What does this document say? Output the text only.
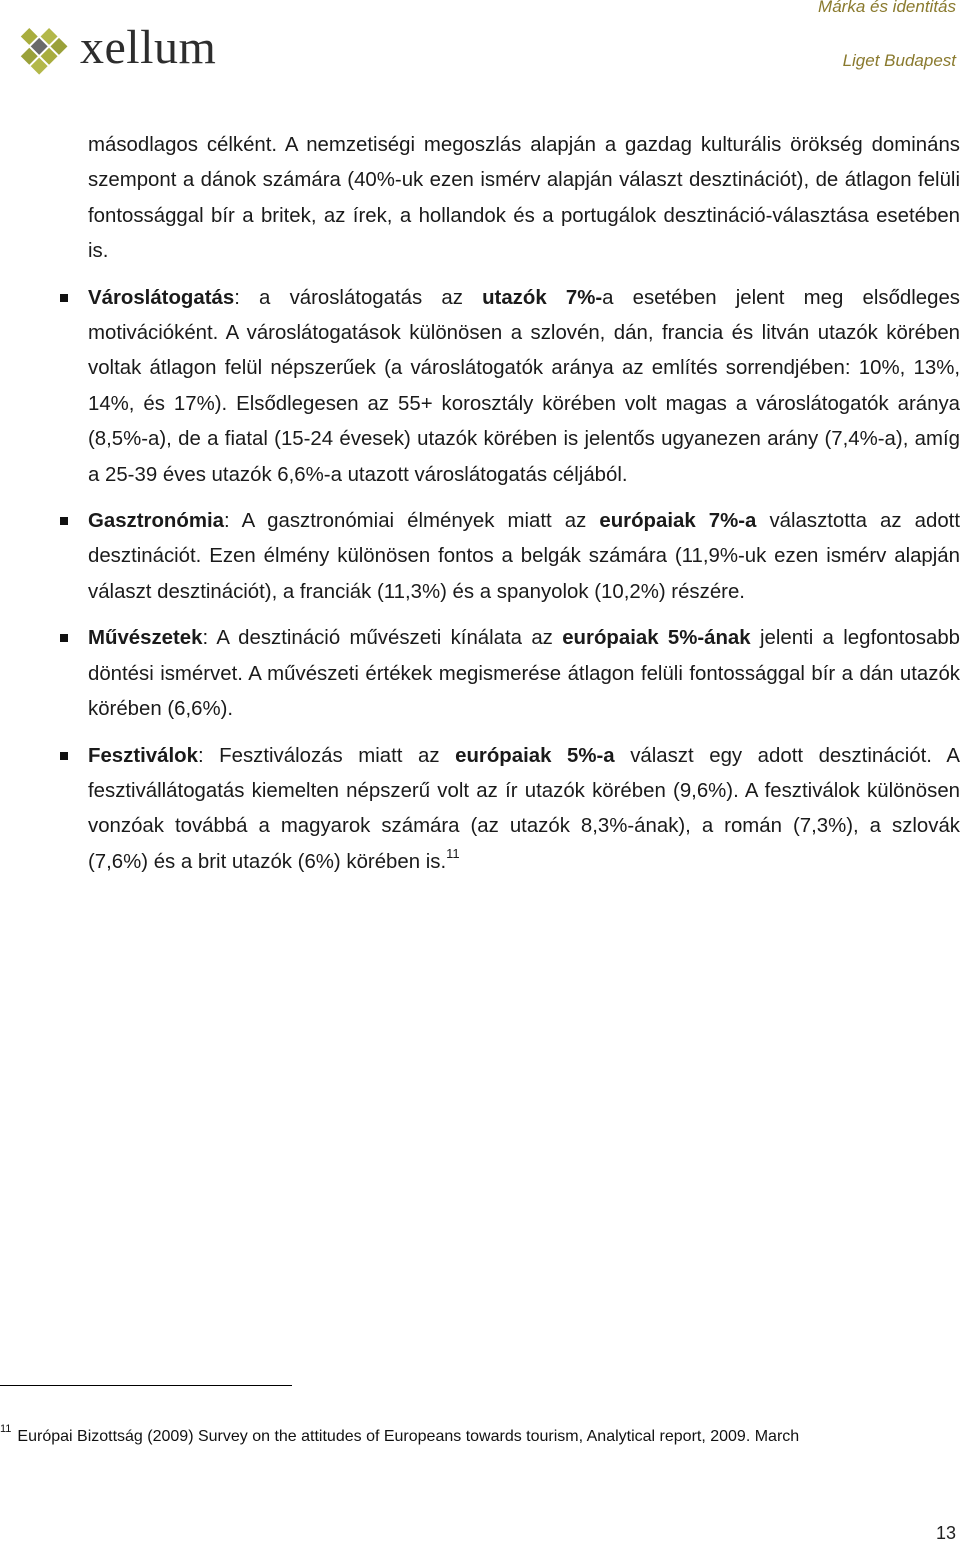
xellum
Márka és identitás
Liget Budapest

másodlagos célként. A nemzetiségi megoszlás alapján a gazdag kulturális örökség domináns szempont a dánok számára (40%-uk ezen ismérv alapján választ desztinációt), de átlagon felüli fontossággal bír a britek, az írek, a hollandok és a portugálok desztináció-választása esetében is.

Városlátogatás: a városlátogatás az utazók 7%-a esetében jelent meg elsődleges motivációként. A városlátogatások különösen a szlovén, dán, francia és litván utazók körében voltak átlagon felül népszerűek (a városlátogatók aránya az említés sorrendjében: 10%, 13%, 14%, és 17%). Elsődlegesen az 55+ korosztály körében volt magas a városlátogatók aránya (8,5%-a), de a fiatal (15-24 évesek) utazók körében is jelentős ugyanezen arány (7,4%-a), amíg a 25-39 éves utazók 6,6%-a utazott városlátogatás céljából.
Gasztronómia: A gasztronómiai élmények miatt az európaiak 7%-a választotta az adott desztinációt. Ezen élmény különösen fontos a belgák számára (11,9%-uk ezen ismérv alapján választ desztinációt), a franciák (11,3%) és a spanyolok (10,2%) részére.
Művészetek: A desztináció művészeti kínálata az európaiak 5%-ának jelenti a legfontosabb döntési ismérvet. A művészeti értékek megismerése átlagon felüli fontossággal bír a dán utazók körében (6,6%).
Fesztiválok: Fesztiválozás miatt az európaiak 5%-a választ egy adott desztinációt. A fesztivállátogatás kiemelten népszerű volt az ír utazók körében (9,6%). A fesztiválok különösen vonzóak továbbá a magyarok számára (az utazók 8,3%-ának), a román (7,3%), a szlovák (7,6%) és a brit utazók (6%) körében is.$^{11}$
$^{11}$ Európai Bizottság (2009) Survey on the attitudes of Europeans towards tourism, Analytical report, 2009. March
13
